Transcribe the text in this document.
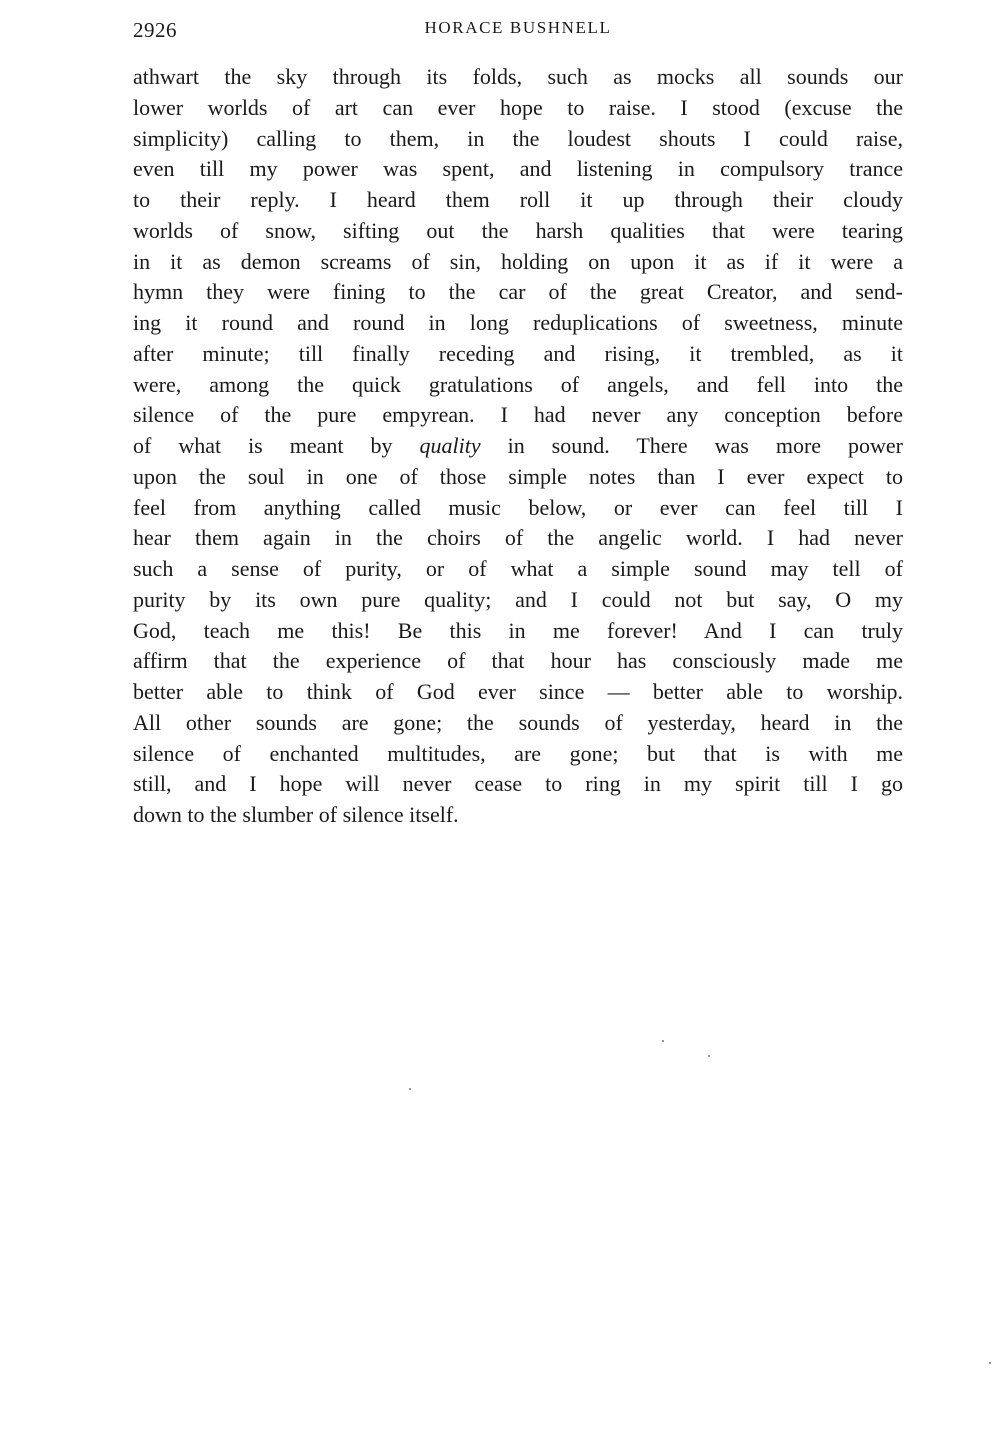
2926	HORACE BUSHNELL
athwart the sky through its folds, such as mocks all sounds our
lower worlds of art can ever hope to raise. I stood (excuse the
simplicity) calling to them, in the loudest shouts I could raise,
even till my power was spent, and listening in compulsory trance
to their reply. I heard them roll it up through their cloudy
worlds of snow, sifting out the harsh qualities that were tearing
in it as demon screams of sin, holding on upon it as if it were a
hymn they were fining to the car of the great Creator, and send-
ing it round and round in long reduplications of sweetness, minute
after minute; till finally receding and rising, it trembled, as it
were, among the quick gratulations of angels, and fell into the
silence of the pure empyrean. I had never any conception before
of what is meant by quality in sound. There was more power
upon the soul in one of those simple notes than I ever expect to
feel from anything called music below, or ever can feel till I
hear them again in the choirs of the angelic world. I had never
such a sense of purity, or of what a simple sound may tell of
purity by its own pure quality; and I could not but say, O my
God, teach me this! Be this in me forever! And I can truly
affirm that the experience of that hour has consciously made me
better able to think of God ever since — better able to worship.
All other sounds are gone; the sounds of yesterday, heard in the
silence of enchanted multitudes, are gone; but that is with me
still, and I hope will never cease to ring in my spirit till I go
down to the slumber of silence itself.
